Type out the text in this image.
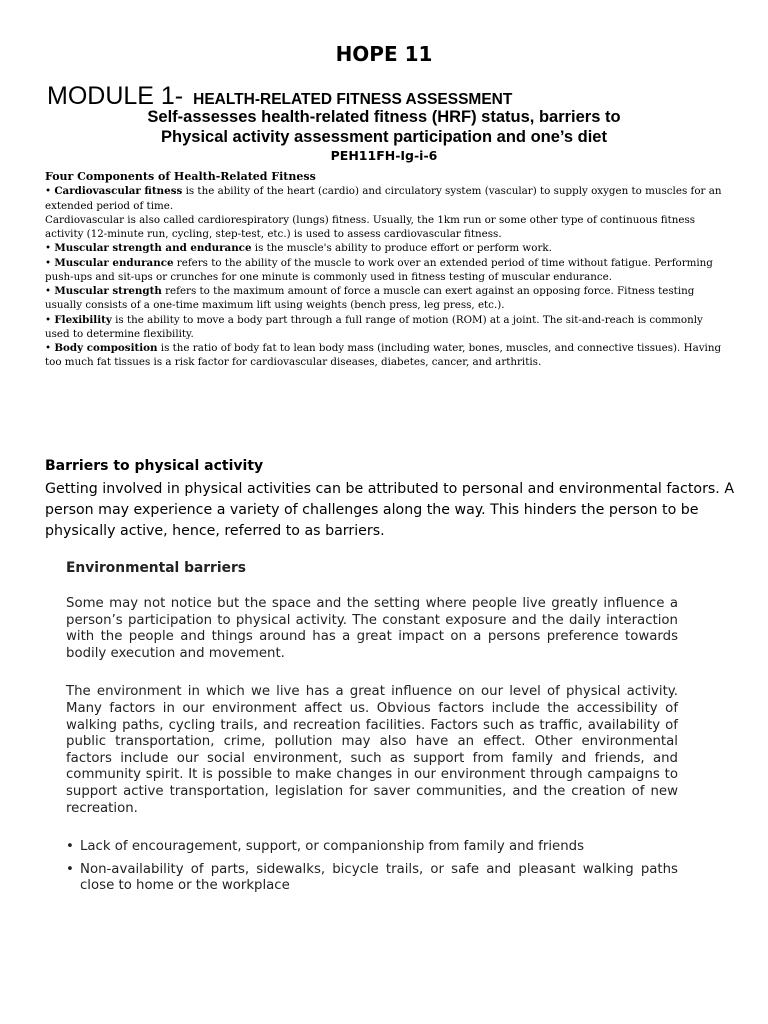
HOPE 11
MODULE 1- HEALTH-RELATED FITNESS ASSESSMENT
Self-assesses health-related fitness (HRF) status, barriers to
Physical activity assessment participation and one’s diet
PEH11FH-Ig-i-6

Four Components of Health-Related Fitness

• Cardiovascular fitness is the ability of the heart (cardio) and circulatory system (vascular) to supply oxygen to muscles for an extended period of time.

Cardiovascular is also called cardiorespiratory (lungs) fitness. Usually, the 1km run or some other type of continuous fitness activity (12-minute run, cycling, step-test, etc.) is used to assess cardiovascular fitness.

• Muscular strength and endurance is the muscle's ability to produce effort or perform work.

• Muscular endurance refers to the ability of the muscle to work over an extended period of time without fatigue. Performing push-ups and sit-ups or crunches for one minute is commonly used in fitness testing of muscular endurance.

• Muscular strength refers to the maximum amount of force a muscle can exert against an opposing force. Fitness testing usually consists of a one-time maximum lift using weights (bench press, leg press, etc.).

• Flexibility is the ability to move a body part through a full range of motion (ROM) at a joint. The sit-and-reach is commonly used to determine flexibility.

• Body composition is the ratio of body fat to lean body mass (including water, bones, muscles, and connective tissues). Having too much fat tissues is a risk factor for cardiovascular diseases, diabetes, cancer, and arthritis.

Barriers to physical activity

Getting involved in physical activities can be attributed to personal and environmental factors. A person may experience a variety of challenges along the way. This hinders the person to be physically active, hence, referred to as barriers.

Environmental barriers

Some may not notice but the space and the setting where people live greatly influence a person’s participation to physical activity. The constant exposure and the daily interaction with the people and things around has a great impact on a persons preference towards bodily execution and movement.

The environment in which we live has a great influence on our level of physical activity. Many factors in our environment affect us. Obvious factors include the accessibility of walking paths, cycling trails, and recreation facilities. Factors such as traffic, availability of public transportation, crime, pollution may also have an effect. Other environmental factors include our social environment, such as support from family and friends, and community spirit. It is possible to make changes in our environment through campaigns to support active transportation, legislation for saver communities, and the creation of new recreation.

• Lack of encouragement, support, or companionship from family and friends
• Non-availability of parts, sidewalks, bicycle trails, or safe and pleasant walking paths close to home or the workplace
